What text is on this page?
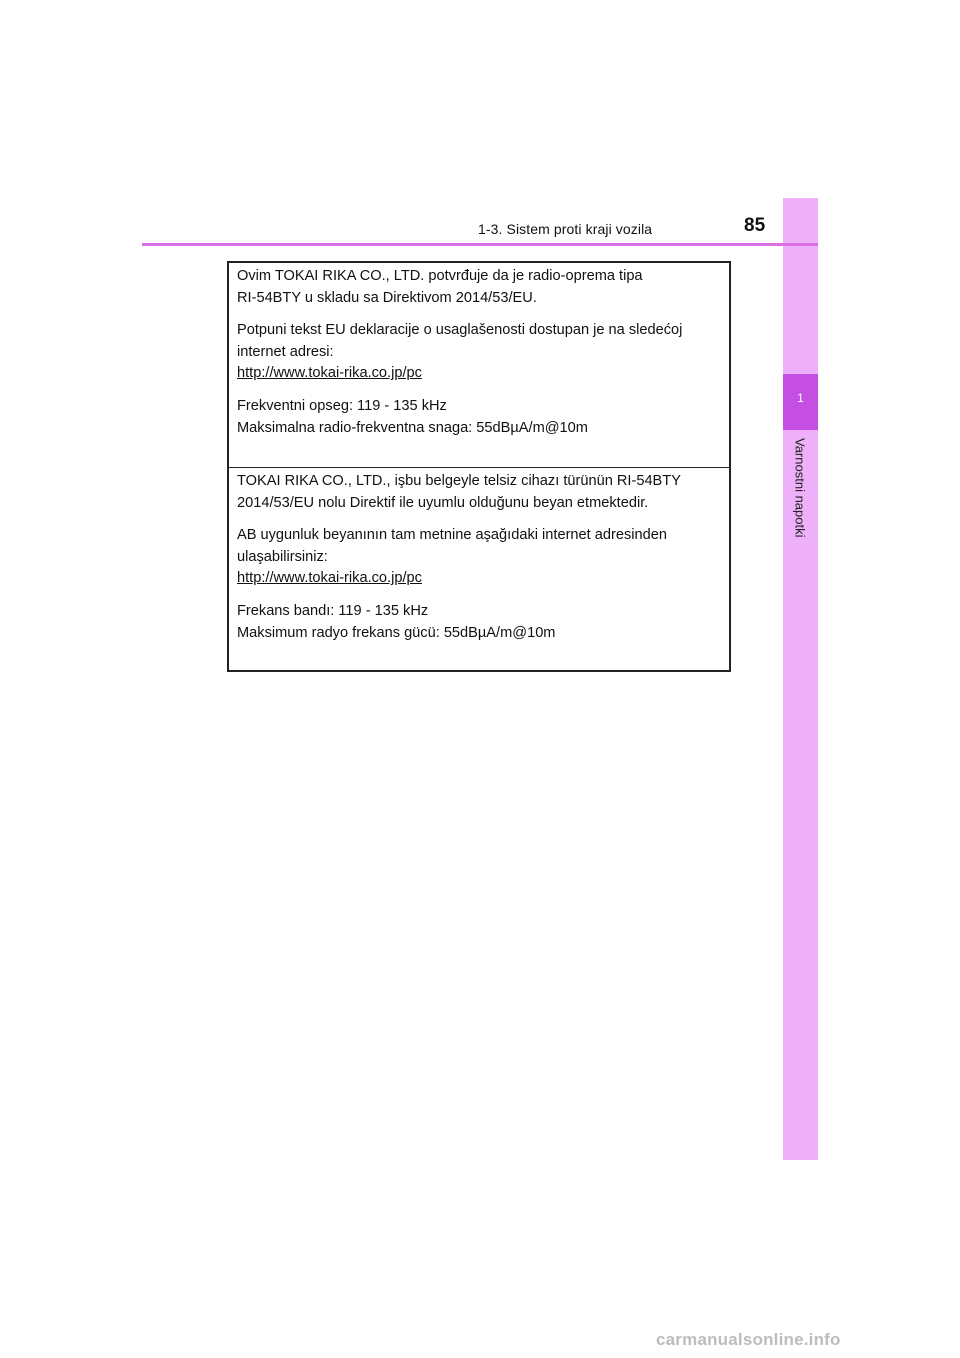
1
Varnostni napotki
1-3. Sistem proti kraji vozila	85

Ovim TOKAI RIKA CO., LTD. potvrđuje da je radio-oprema tipa

RI-54BTY u skladu sa Direktivom 2014/53/EU.

Potpuni tekst EU deklaracije o usaglašenosti dostupan je na sledećoj

internet adresi:

http://www.tokai-rika.co.jp/pc

Frekventni opseg: 119 - 135 kHz

Maksimalna radio-frekventna snaga: 55dBµA/m@10m

TOKAI RIKA CO., LTD., işbu belgeyle telsiz cihazı türünün RI-54BTY

2014/53/EU nolu Direktif ile uyumlu olduğunu beyan etmektedir.

AB uygunluk beyanının tam metnine aşağıdaki internet adresinden

ulaşabilirsiniz:

http://www.tokai-rika.co.jp/pc

Frekans bandı: 119 - 135 kHz

Maksimum radyo frekans gücü: 55dBµA/m@10m

carmanualsonline.info
